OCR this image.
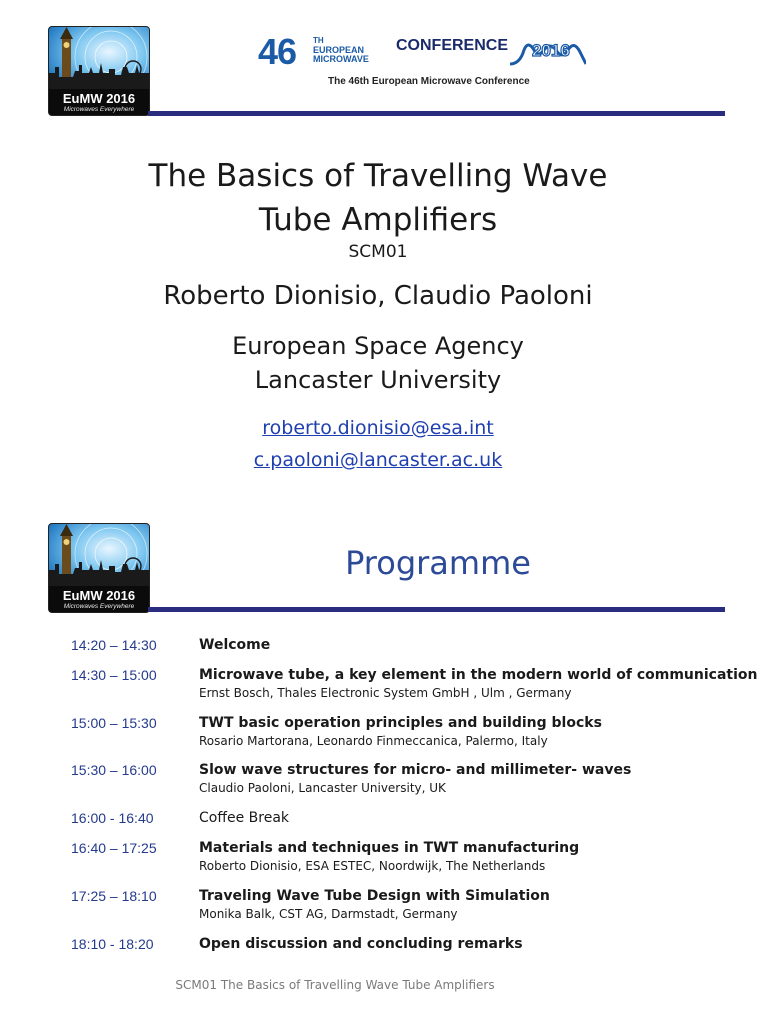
EuMW 2016
Microwaves Everywhere
46 TH
EUROPEAN
MICROWAVE
CONFERENCE 2016
The 46th European Microwave Conference
The Basics of Travelling Wave
Tube Amplifiers
SCM01
Roberto Dionisio, Claudio Paoloni
European Space Agency
Lancaster University
roberto.dionisio@esa.int
c.paoloni@lancaster.ac.uk
EuMW 2016
Microwaves Everywhere
Programme
14:20 – 14:30	Welcome
14:30 – 15:00	Microwave tube, a key element in the modern world of communication
Ernst Bosch, Thales Electronic System GmbH , Ulm , Germany
15:00 – 15:30	TWT basic operation principles and building blocks
Rosario Martorana, Leonardo Finmeccanica, Palermo, Italy
15:30 – 16:00	Slow wave structures for micro- and millimeter- waves
Claudio Paoloni, Lancaster University, UK
16:00 - 16:40	Coffee Break
16:40 – 17:25	Materials and techniques in TWT manufacturing
Roberto Dionisio, ESA ESTEC, Noordwijk, The Netherlands
17:25 – 18:10	Traveling Wave Tube Design with Simulation
Monika Balk, CST AG, Darmstadt, Germany
18:10 - 18:20	Open discussion and concluding remarks
SCM01 The Basics of Travelling Wave Tube Amplifiers
